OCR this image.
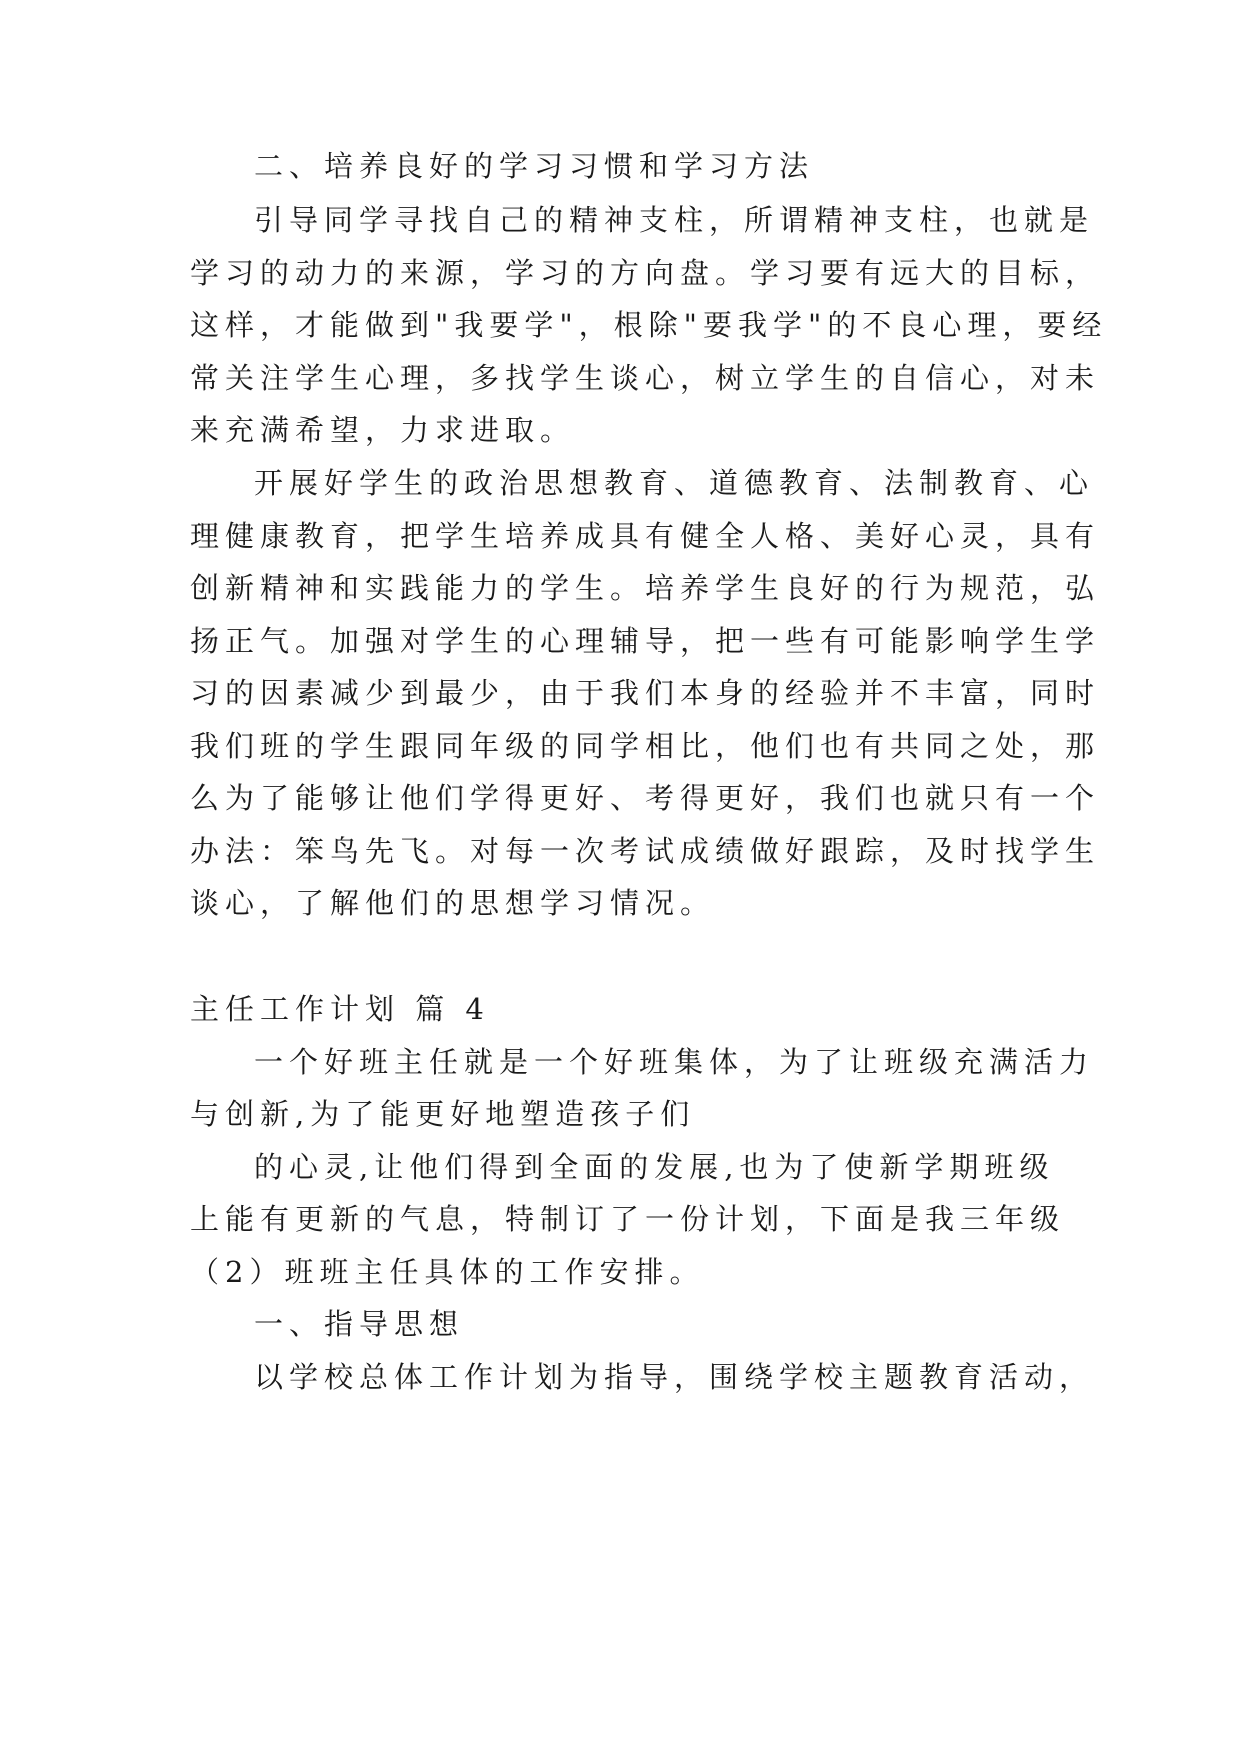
二、培养良好的学习习惯和学习方法
引导同学寻找自己的精神支柱，所谓精神支柱，也就是
学习的动力的来源，学习的方向盘。学习要有远大的目标，
这样，才能做到"我要学"，根除"要我学"的不良心理，要经
常关注学生心理，多找学生谈心，树立学生的自信心，对未
来充满希望，力求进取。
开展好学生的政治思想教育、道德教育、法制教育、心
理健康教育，把学生培养成具有健全人格、美好心灵，具有
创新精神和实践能力的学生。培养学生良好的行为规范，弘
扬正气。加强对学生的心理辅导，把一些有可能影响学生学
习的因素减少到最少，由于我们本身的经验并不丰富，同时
我们班的学生跟同年级的同学相比，他们也有共同之处，那
么为了能够让他们学得更好、考得更好，我们也就只有一个
办法：笨鸟先飞。对每一次考试成绩做好跟踪，及时找学生
谈心，了解他们的思想学习情况。
主任工作计划 篇 4
一个好班主任就是一个好班集体，为了让班级充满活力
与创新,为了能更好地塑造孩子们
的心灵,让他们得到全面的发展,也为了使新学期班级
上能有更新的气息，特制订了一份计划，下面是我三年级
（2）班班主任具体的工作安排。
一、指导思想
以学校总体工作计划为指导，围绕学校主题教育活动，
